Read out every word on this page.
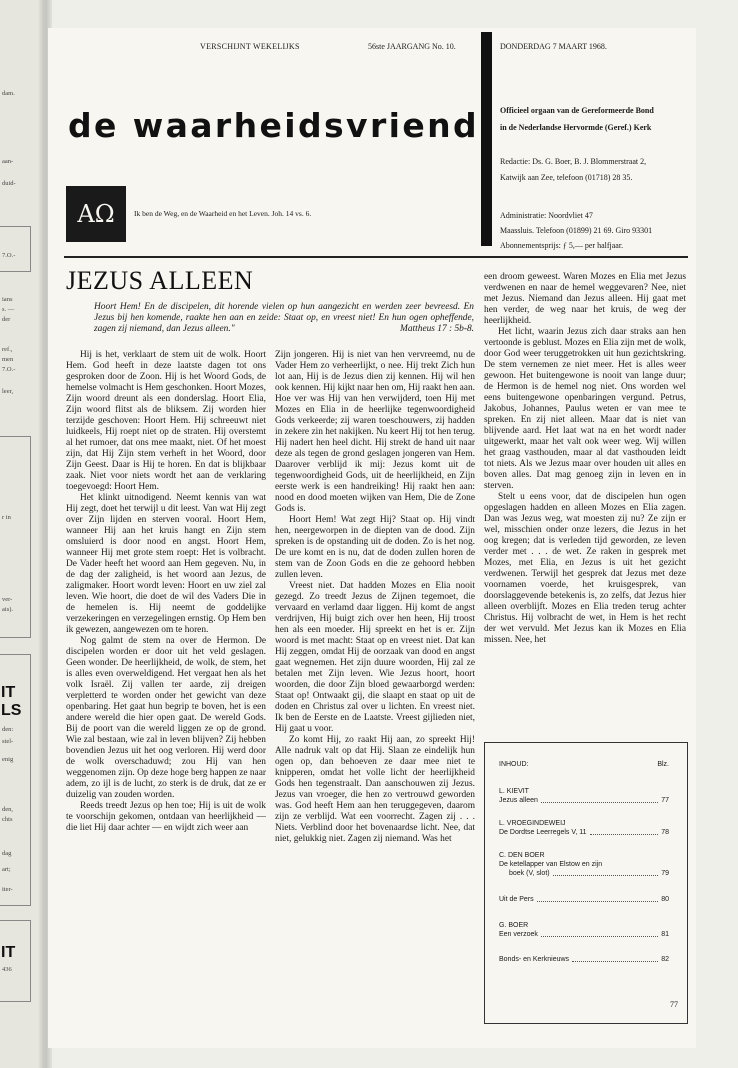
dam.
aan-
duid-
7.O.-
ians
s. —
der
ref.,
men
7.O.-
leer,
r in
ver-
ais).
IT
LS
den:
stel-
enig
den,
chts
dag
art;
iter-
IT
436
VERSCHIJNT WEKELIJKS	56ste JAARGANG No. 10.	DONDERDAG 7 MAART 1968.
de waarheidsvriend	Officieel orgaan van de Gereformeerde Bond
in de Nederlandse Hervormde (Geref.) Kerk
Redactie: Ds. G. Boer, B. J. Blommerstraat 2,
Katwijk aan Zee, telefoon (01718) 28 35.
Administratie: Noordvliet 47
Maassluis. Telefoon (01899) 21 69. Giro 93301
Abonnementsprijs: ƒ 5,— per halfjaar.
AΩ	Ik ben de Weg, en de Waarheid en het Leven. Joh. 14 vs. 6.
JEZUS ALLEEN
Hoort Hem! En de discipelen, dit horende vielen op hun aangezicht en werden zeer bevreesd. En Jezus bij hen komende, raakte hen aan en zeide: Staat op, en vreest niet! En hun ogen opheffende, zagen zij niemand, dan Jezus alleen."	Mattheus 17 : 5b-8.

Hij is het, verklaart de stem uit de wolk. Hoort Hem. God heeft in deze laatste dagen tot ons gesproken door de Zoon. Hij is het Woord Gods, de hemelse volmacht is Hem geschonken. Hoort Mozes, Zijn woord dreunt als een donderslag. Hoort Elia, Zijn woord flitst als de bliksem. Zij worden hier terzijde geschoven: Hoort Hem. Hij schreeuwt niet luidkeels, Hij roept niet op de straten. Hij overstemt al het rumoer, dat ons mee maakt, niet. Of het moest zijn, dat Hij Zijn stem verheft in het Woord, door Zijn Geest. Daar is Hij te horen. En dat is blijkbaar zaak. Niet voor niets wordt het aan de verklaring toegevoegd: Hoort Hem.

Het klinkt uitnodigend. Neemt kennis van wat Hij zegt, doet het terwijl u dit leest. Van wat Hij zegt over Zijn lijden en sterven vooral. Hoort Hem, wanneer Hij aan het kruis hangt en Zijn stem omsluierd is door nood en angst. Hoort Hem, wanneer Hij met grote stem roept: Het is volbracht. De Vader heeft het woord aan Hem gegeven. Nu, in de dag der zaligheid, is het woord aan Jezus, de zaligmaker. Hoort wordt leven: Hoort en uw ziel zal leven. Wie hoort, die doet de wil des Vaders Die in de hemelen is. Hij neemt de goddelijke verzekeringen en verzegelingen ernstig. Op Hem ben ik gewezen, aangewezen om te horen.

Nog galmt de stem na over de Hermon. De discipelen worden er door uit het veld geslagen. Geen wonder. De heerlijkheid, de wolk, de stem, het is alles even overweldigend. Het vergaat hen als het volk Israël. Zij vallen ter aarde, zij dreigen verpletterd te worden onder het gewicht van deze openbaring. Het gaat hun begrip te boven, het is een andere wereld die hier open gaat. De wereld Gods. Bij de poort van die wereld liggen ze op de grond. Wie zal bestaan, wie zal in leven blijven? Zij hebben bovendien Jezus uit het oog verloren. Hij werd door de wolk overschaduwd; zou Hij van hen weggenomen zijn. Op deze hoge berg happen ze naar adem, zo ijl is de lucht, zo sterk is de druk, dat ze er duizelig van zouden worden.

Reeds treedt Jezus op hen toe; Hij is uit de wolk te voorschijn gekomen, ontdaan van heerlijkheid — die liet Hij daar achter — en wijdt zich weer aan

Zijn jongeren. Hij is niet van hen vervreemd, nu de Vader Hem zo verheerlijkt, o nee. Hij trekt Zich hun lot aan, Hij is de Jezus dien zij kennen. Hij wil hen ook kennen. Hij kijkt naar hen om, Hij raakt hen aan. Hoe ver was Hij van hen verwijderd, toen Hij met Mozes en Elia in de heerlijke tegenwoordigheid Gods verkeerde; zij waren toeschouwers, zij hadden in zekere zin het nakijken. Nu keert Hij tot hen terug. Hij nadert hen heel dicht. Hij strekt de hand uit naar deze als tegen de grond geslagen jongeren van Hem. Daarover verblijd ik mij: Jezus komt uit de tegenwoordigheid Gods, uit de heerlijkheid, en Zijn eerste werk is een handreiking! Hij raakt hen aan: nood en dood moeten wijken van Hem, Die de Zone Gods is.

Hoort Hem! Wat zegt Hij? Staat op. Hij vindt hen, neergeworpen in de diepten van de dood. Zijn spreken is de opstanding uit de doden. Zo is het nog. De ure komt en is nu, dat de doden zullen horen de stem van de Zoon Gods en die ze gehoord hebben zullen leven.

Vreest niet. Dat hadden Mozes en Elia nooit gezegd. Zo treedt Jezus de Zijnen tegemoet, die vervaard en verlamd daar liggen. Hij komt de angst verdrijven, Hij buigt zich over hen heen, Hij troost hen als een moeder. Hij spreekt en het is er. Zijn woord is met macht: Staat op en vreest niet. Dat kan Hij zeggen, omdat Hij de oorzaak van dood en angst gaat wegnemen. Het zijn duure woorden, Hij zal ze betalen met Zijn leven. Wie Jezus hoort, hoort woorden, die door Zijn bloed gewaarborgd werden: Staat op! Ontwaakt gij, die slaapt en staat op uit de doden en Christus zal over u lichten. En vreest niet. Ik ben de Eerste en de Laatste. Vreest gijlieden niet, Hij gaat u voor.

Zo komt Hij, zo raakt Hij aan, zo spreekt Hij! Alle nadruk valt op dat Hij. Slaan ze eindelijk hun ogen op, dan behoeven ze daar mee niet te knipperen, omdat het volle licht der heerlijkheid Gods hen tegenstraalt. Dan aanschouwen zij Jezus. Jezus van vroeger, die hen zo vertrouwd geworden was. God heeft Hem aan hen teruggegeven, daarom zijn ze verblijd. Wat een voorrecht. Zagen zij . . . Niets. Verblind door het bovenaardse licht. Nee, dat niet, gelukkig niet. Zagen zij niemand. Was het

een droom geweest. Waren Mozes en Elia met Jezus verdwenen en naar de hemel weggevaren? Nee, niet met Jezus. Niemand dan Jezus alleen. Hij gaat met hen verder, de weg naar het kruis, de weg der heerlijkheid.

Het licht, waarin Jezus zich daar straks aan hen vertoonde is geblust. Mozes en Elia zijn met de wolk, door God weer teruggetrokken uit hun gezichtskring. De stem vernemen ze niet meer. Het is alles weer gewoon. Het buitengewone is nooit van lange duur; de Hermon is de hemel nog niet. Ons worden wel eens buitengewone openbaringen vergund. Petrus, Jakobus, Johannes, Paulus weten er van mee te spreken. En zij niet alleen. Maar dat is niet van blijvende aard. Het laat wat na en het wordt nader uitgewerkt, maar het valt ook weer weg. Wij willen het graag vasthouden, maar al dat vasthouden leidt tot niets. Als we Jezus maar over houden uit alles en boven alles. Dat mag genoeg zijn in leven en in sterven.

Stelt u eens voor, dat de discipelen hun ogen opgeslagen hadden en alleen Mozes en Elia zagen. Dan was Jezus weg, wat moesten zij nu? Ze zijn er wel, misschien onder onze lezers, die Jezus in het oog kregen; dat is verleden tijd geworden, ze leven verder met . . . de wet. Ze raken in gesprek met Mozes, met Elia, en Jezus is uit het gezicht verdwenen. Terwijl het gesprek dat Jezus met deze voornamen voerde, het kruisgesprek, van doorslaggevende betekenis is, zo zelfs, dat Jezus hier alleen overblijft. Mozes en Elia treden terug achter Christus. Hij volbracht de wet, in Hem is het recht der wet vervuld. Met Jezus kan ik Mozes en Elia missen. Nee, het

INHOUD:	Blz.
L. KIEVIT
Jezus alleen	77
L. VROEGINDEWEIJ
De Dordtse Leerregels V, 11	78
C. DEN BOER
De ketellapper van Elstow en zijn
boek (V, slot)	79
Uit de Pers	80
G. BOER
Een verzoek	81
Bonds- en Kerknieuws	82
77
